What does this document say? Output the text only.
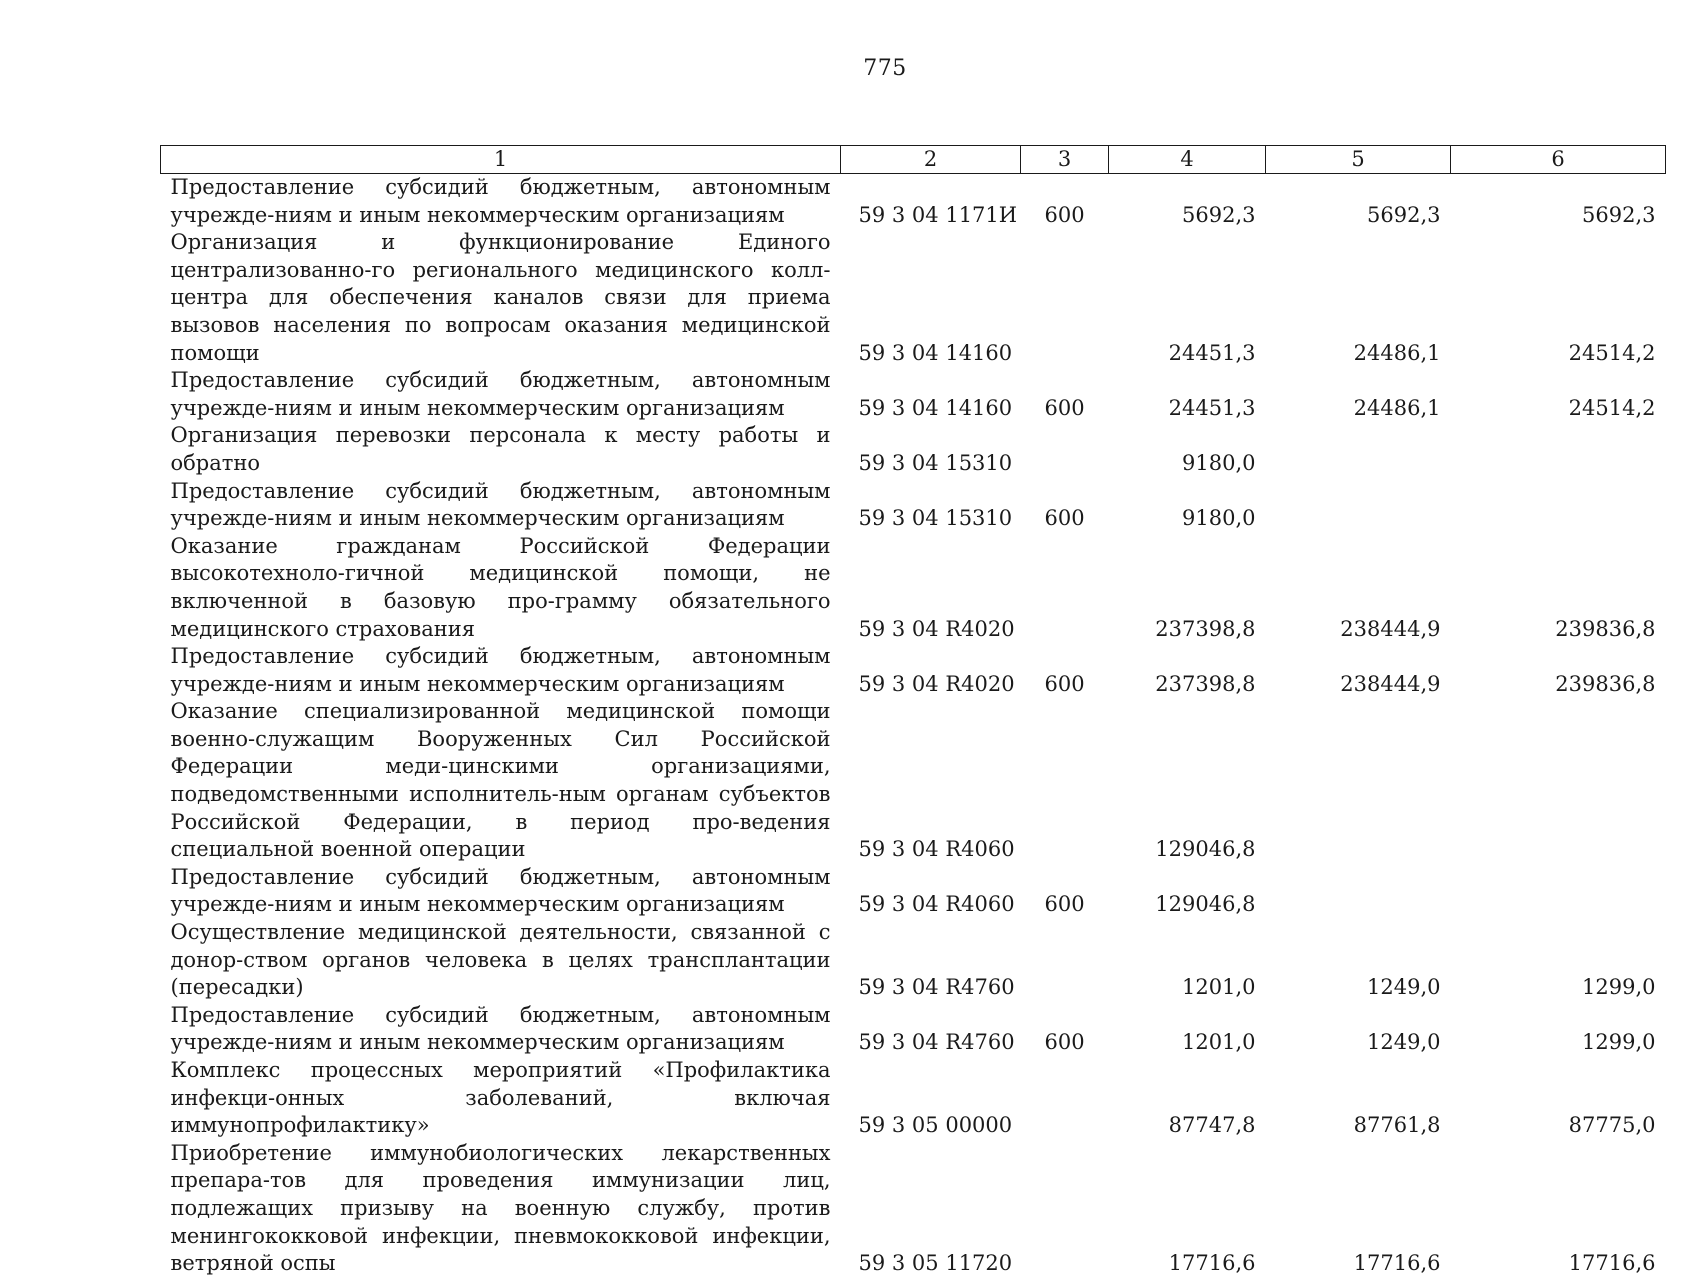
775
1	2	3	4	5	6
Предоставление субсидий бюджетным, автономным учрежде-ниям и иным некоммерческим организациям	59 3 04 1171И	600	5692,3	5692,3	5692,3
Организация и функционирование Единого централизованно-го регионального медицинского колл-центра для обеспечения каналов связи для приема вызовов населения по вопросам оказания медицинской помощи	59 3 04 14160		24451,3	24486,1	24514,2
Предоставление субсидий бюджетным, автономным учрежде-ниям и иным некоммерческим организациям	59 3 04 14160	600	24451,3	24486,1	24514,2
Организация перевозки персонала к месту работы и обратно	59 3 04 15310		9180,0		
Предоставление субсидий бюджетным, автономным учрежде-ниям и иным некоммерческим организациям	59 3 04 15310	600	9180,0		
Оказание гражданам Российской Федерации высокотехноло-гичной медицинской помощи, не включенной в базовую про-грамму обязательного медицинского страхования	59 3 04 R4020		237398,8	238444,9	239836,8
Предоставление субсидий бюджетным, автономным учрежде-ниям и иным некоммерческим организациям	59 3 04 R4020	600	237398,8	238444,9	239836,8
Оказание специализированной медицинской помощи военно-служащим Вооруженных Сил Российской Федерации меди-цинскими организациями, подведомственными исполнитель-ным органам субъектов Российской Федерации, в период про-ведения специальной военной операции	59 3 04 R4060		129046,8		
Предоставление субсидий бюджетным, автономным учрежде-ниям и иным некоммерческим организациям	59 3 04 R4060	600	129046,8		
Осуществление медицинской деятельности, связанной с донор-ством органов человека в целях трансплантации (пересадки)	59 3 04 R4760		1201,0	1249,0	1299,0
Предоставление субсидий бюджетным, автономным учрежде-ниям и иным некоммерческим организациям	59 3 04 R4760	600	1201,0	1249,0	1299,0
Комплекс процессных мероприятий «Профилактика инфекци-онных заболеваний, включая иммунопрофилактику»	59 3 05 00000		87747,8	87761,8	87775,0
Приобретение иммунобиологических лекарственных препара-тов для проведения иммунизации лиц, подлежащих призыву на военную службу, против менингококковой инфекции, пневмококковой инфекции, ветряной оспы	59 3 05 11720		17716,6	17716,6	17716,6
